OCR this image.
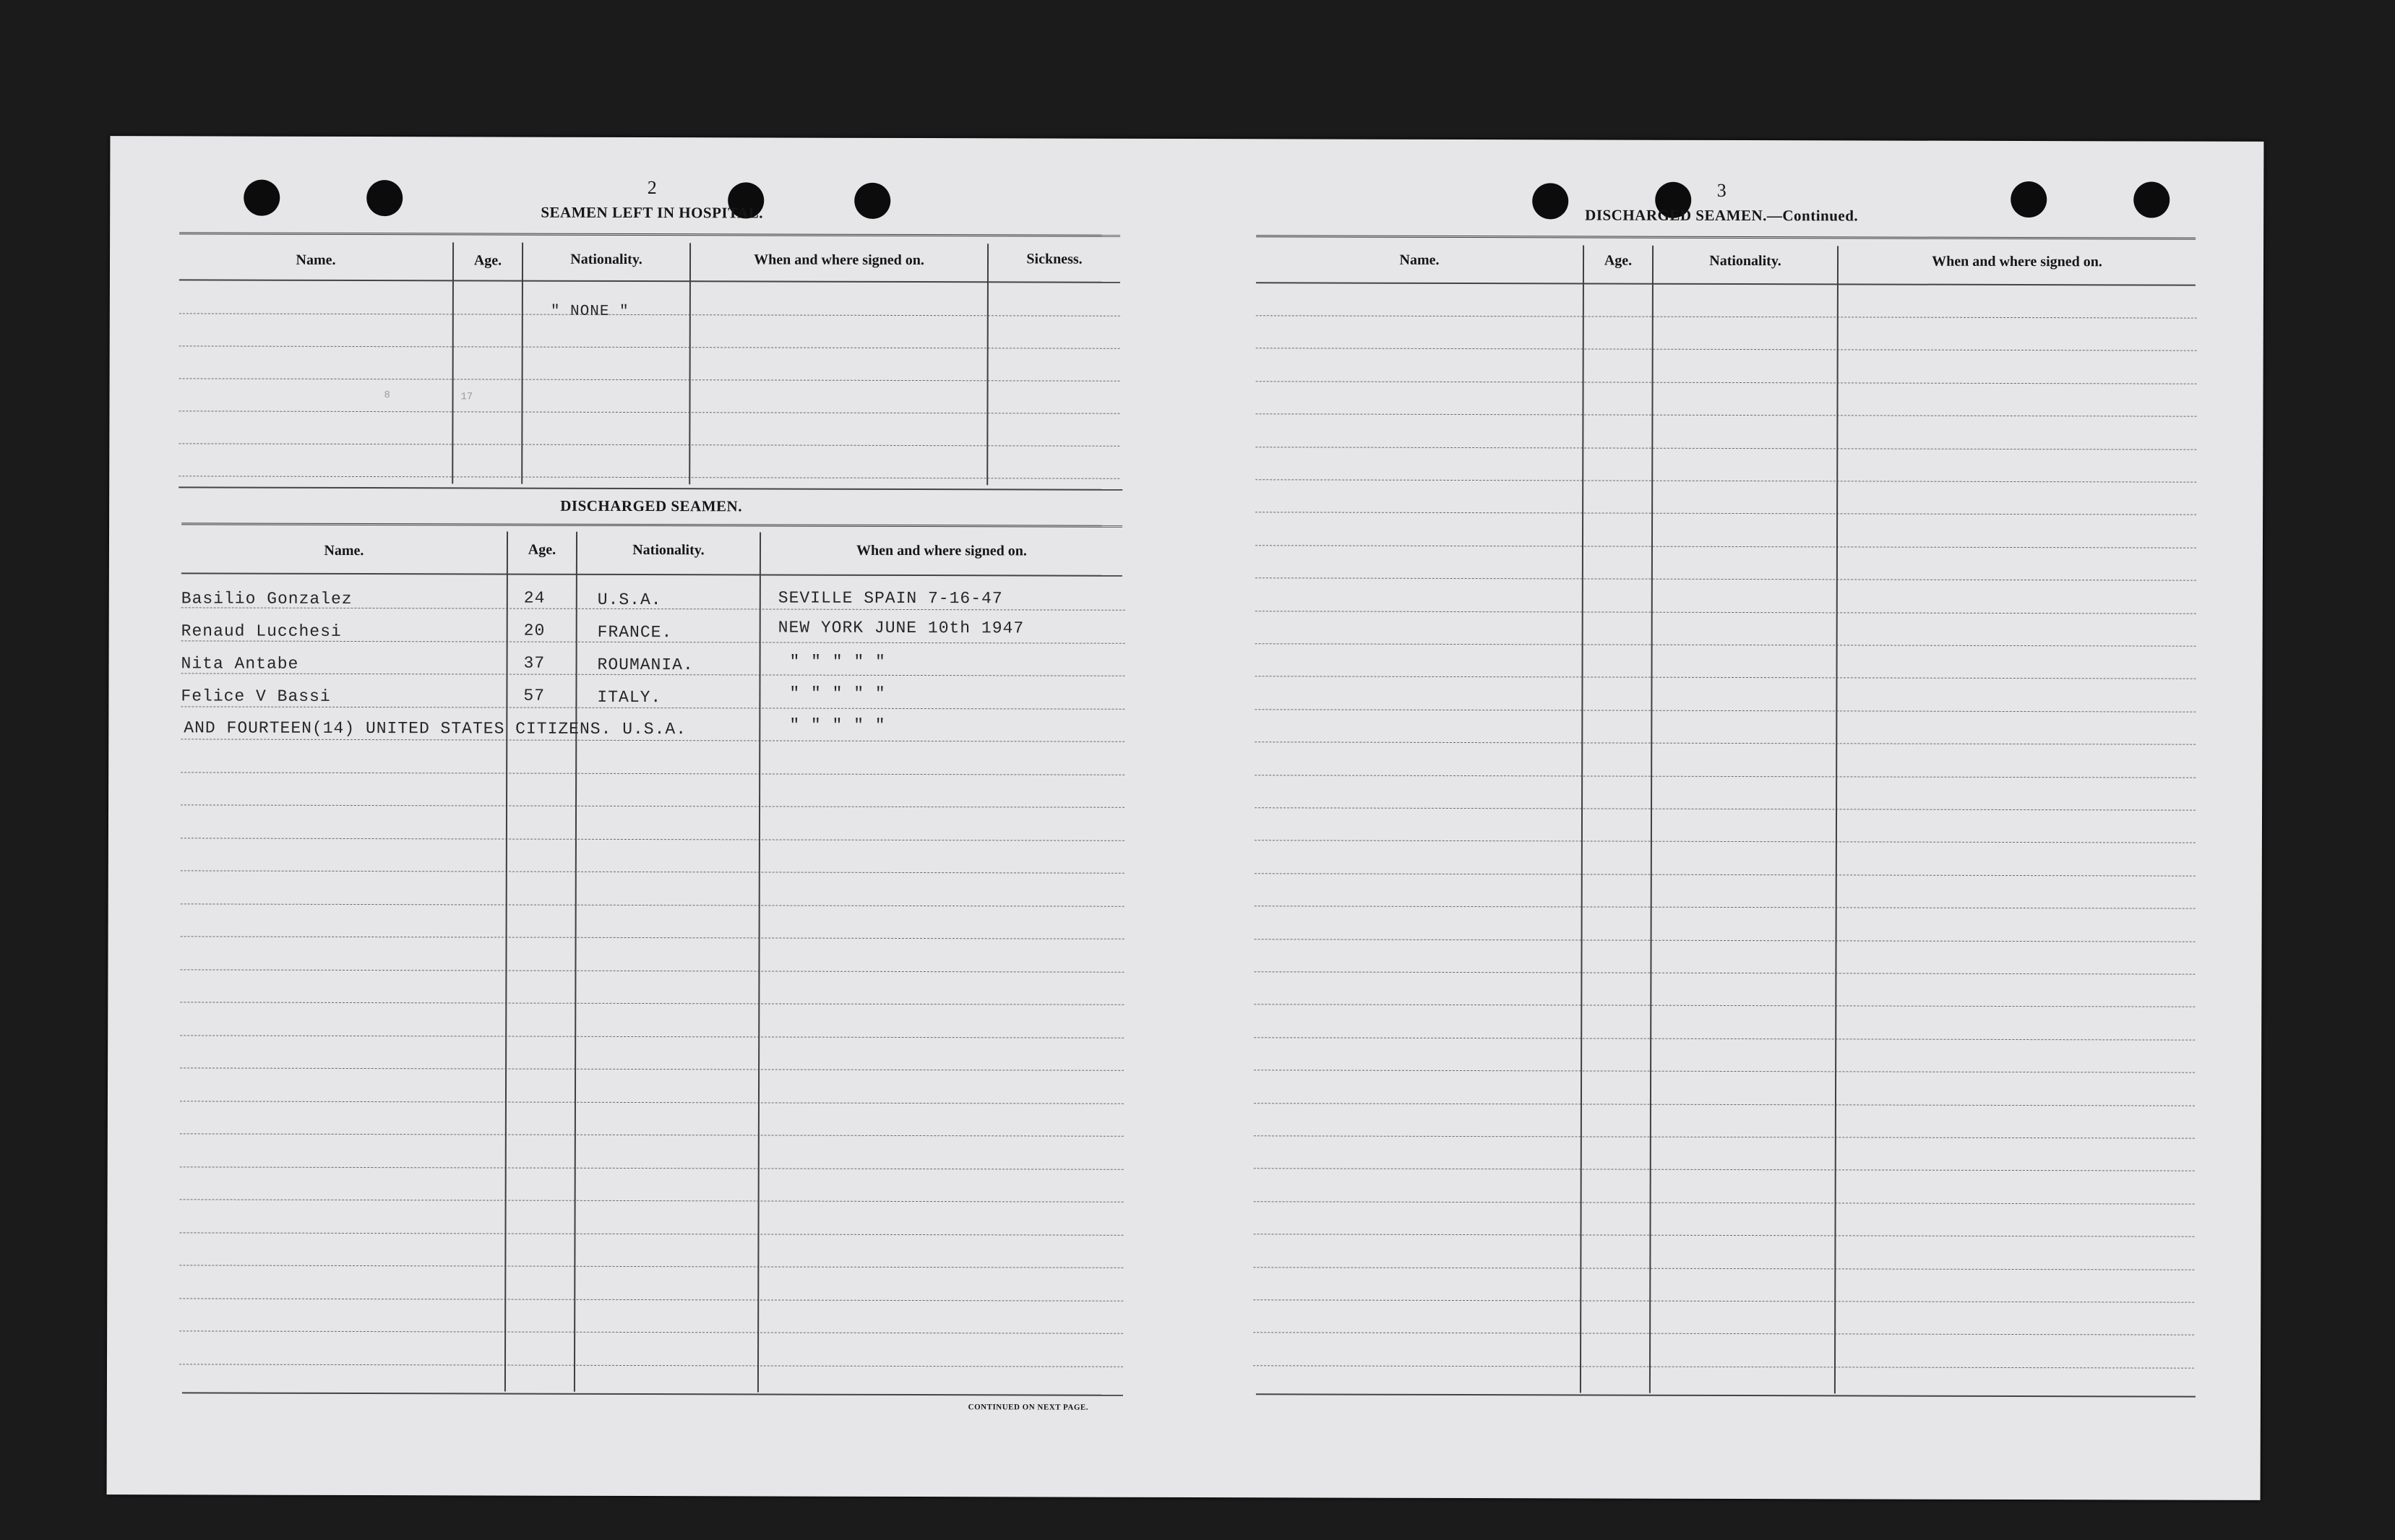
2
SEAMEN LEFT IN HOSPITAL.
Name.	Age.	Nationality.	When and where signed on.	Sickness.
" NONE "
8	17
DISCHARGED SEAMEN.
Name.	Age.	Nationality.	When and where signed on.
Basilio Gonzalez	24	U.S.A.	SEVILLE SPAIN 7-16-47
Renaud Lucchesi	20	FRANCE.	NEW YORK JUNE 10th 1947
Nita Antabe	37	ROUMANIA.	" " " " "
Felice V Bassi	57	ITALY.	" " " " "
AND FOURTEEN(14) UNITED STATES CITIZENS. U.S.A.	" " " " "
CONTINUED ON NEXT PAGE.
3
DISCHARGED SEAMEN.—Continued.
Name.	Age.	Nationality.	When and where signed on.
